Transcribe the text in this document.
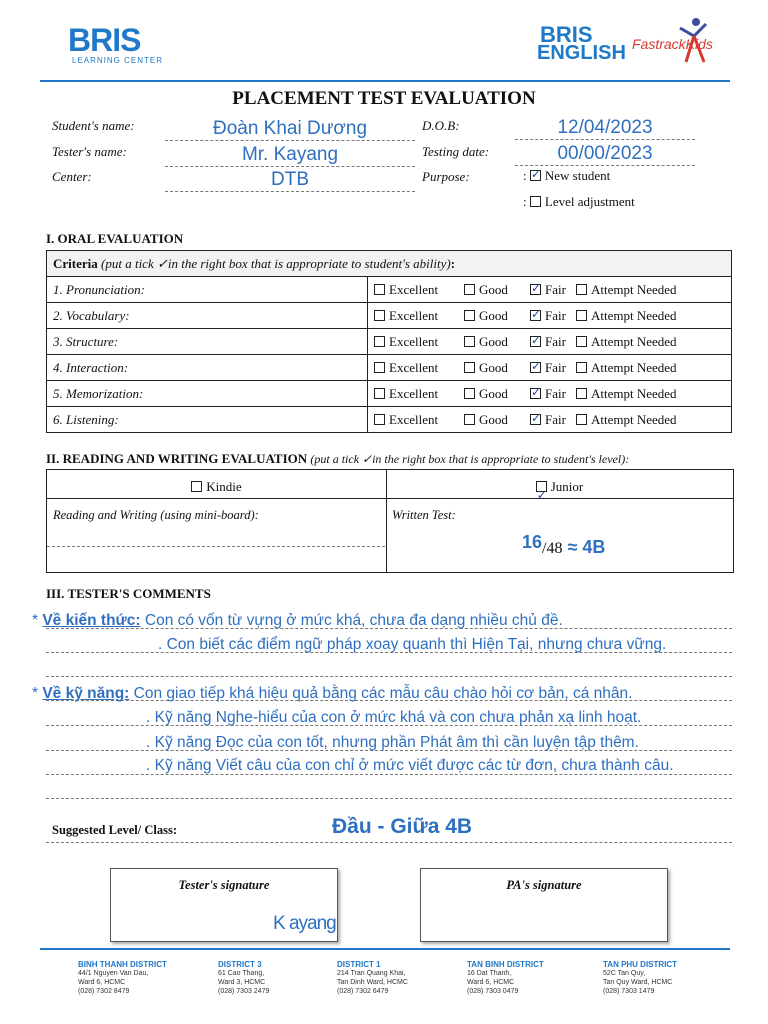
BRIS
LEARNING CENTER
BRIS
ENGLISH FastrackKids
PLACEMENT TEST EVALUATION
Student's name:	Đoàn Khai Dương
Tester's name:	Mr. Kayang
Center:	DTB
D.O.B:	12/04/2023
Testing date:	00/00/2023
Purpose:	: ✓New student
: Level adjustment
I. ORAL EVALUATION
Criteria (put a tick ✓in the right box that is appropriate to student's ability):	
1. Pronunciation:	Excellent Good✓ Fair Attempt Needed
2. Vocabulary:	Excellent Good✓ Fair Attempt Needed
3. Structure:	Excellent Good✓ Fair Attempt Needed
4. Interaction:	Excellent Good✓ Fair Attempt Needed
5. Memorization:	Excellent Good✓ Fair Attempt Needed
6. Listening:	Excellent Good✓ Fair Attempt Needed
II. READING AND WRITING EVALUATION (put a tick ✓in the right box that is appropriate to student's level):
Kindie ✓	Junior
Reading and Writing (using mini-board):	Written Test:
16/48 ≈ 4B
III. TESTER'S COMMENTS
* Về kiến thức: Con có vốn từ vựng ở mức khá, chưa đa dạng nhiều chủ đề.
. Con biết các điểm ngữ pháp xoay quanh thì Hiện Tại, nhưng chưa vững.
* Về kỹ năng: Con giao tiếp khá hiệu quả bằng các mẫu câu chào hỏi cơ bản, cá nhân.
. Kỹ năng Nghe-hiểu của con ở mức khá và con chưa phản xạ linh hoạt.
. Kỹ năng Đọc của con tốt, nhưng phần Phát âm thì cần luyện tập thêm.
. Kỹ năng Viết câu của con chỉ ở mức viết được các từ đơn, chưa thành câu.
Suggested Level/ Class:	Đầu - Giữa 4B
Tester's signature
K ayang
PA's signature
BINH THANH DISTRICT
44/1 Nguyen Van Dau,
Ward 6, HCMC
(028) 7302 8479
DISTRICT 3
61 Cao Thang,
Ward 3, HCMC
(028) 7303 2479
DISTRICT 1
214 Tran Quang Khai,
Tan Dinh Ward, HCMC
(028) 7302 6479
TAN BINH DISTRICT
16 Dat Thanh,
Ward 6, HCMC
(028) 7303 0479
TAN PHU DISTRICT
52C Tan Quy,
Tan Quy Ward, HCMC
(028) 7303 1479
